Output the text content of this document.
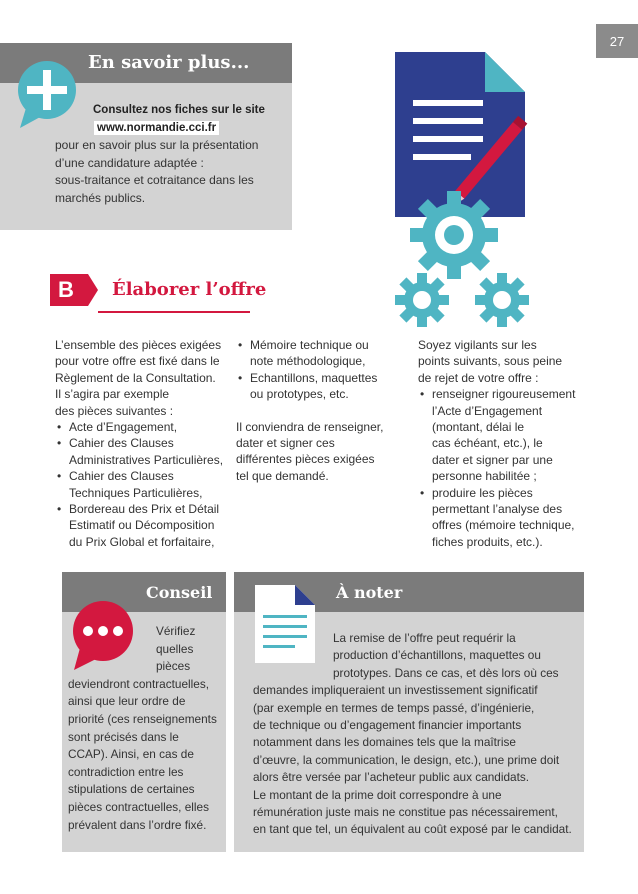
27
En savoir plus...
Consultez nos fiches sur le site
www.normandie.cci.fr
pour en savoir plus sur la présentation
d’une candidature adaptée :
sous-traitance et cotraitance dans les
marchés publics.
B Élaborer l’offre
L’ensemble des pièces exigées
pour votre offre est fixé dans le
Règlement de la Consultation.
Il s’agira par exemple
des pièces suivantes :
• Acte d’Engagement,
• Cahier des Clauses
Administratives Particulières,
• Cahier des Clauses
Techniques Particulières,
• Bordereau des Prix et Détail
Estimatif ou Décomposition
du Prix Global et forfaitaire,
• Mémoire technique ou
note méthodologique,
• Echantillons, maquettes
ou prototypes, etc.
Il conviendra de renseigner,
dater et signer ces
différentes pièces exigées
tel que demandé.
Soyez vigilants sur les
points suivants, sous peine
de rejet de votre offre :
• renseigner rigoureusement
l’Acte d’Engagement
(montant, délai le
cas échéant, etc.), le
dater et signer par une
personne habilitée ;
• produire les pièces
permettant l’analyse des
offres (mémoire technique,
fiches produits, etc.).
Conseil
Vérifiez
quelles
pièces
deviendront contractuelles,
ainsi que leur ordre de
priorité (ces renseignements
sont précisés dans le
CCAP). Ainsi, en cas de
contradiction entre les
stipulations de certaines
pièces contractuelles, elles
prévalent dans l’ordre fixé.
À noter
La remise de l’offre peut requérir la
production d’échantillons, maquettes ou
prototypes. Dans ce cas, et dès lors où ces
demandes impliqueraient un investissement significatif
(par exemple en termes de temps passé, d’ingénierie,
de technique ou d’engagement financier importants
notamment dans les domaines tels que la maîtrise
d’œuvre, la communication, le design, etc.), une prime doit
alors être versée par l’acheteur public aux candidats.
Le montant de la prime doit correspondre à une
rémunération juste mais ne constitue pas nécessairement,
en tant que tel, un équivalent au coût exposé par le candidat.
